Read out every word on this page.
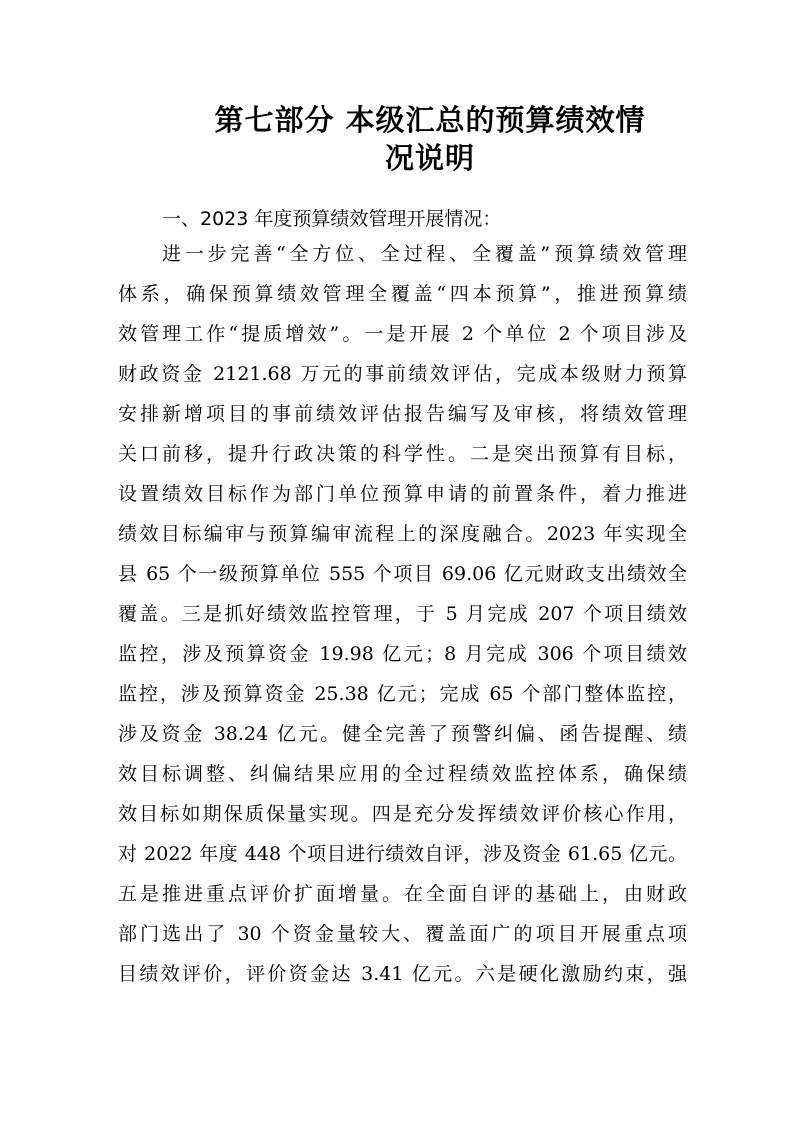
第七部分 本级汇总的预算绩效情
况说明
一、2023 年度预算绩效管理开展情况：
进一步完善“全方位、全过程、全覆盖”预算绩效管理
体系，确保预算绩效管理全覆盖“四本预算”，推进预算绩
效管理工作“提质增效”。一是开展 2 个单位 2 个项目涉及
财政资金 2121.68 万元的事前绩效评估，完成本级财力预算
安排新增项目的事前绩效评估报告编写及审核，将绩效管理
关口前移，提升行政决策的科学性。二是突出预算有目标，
设置绩效目标作为部门单位预算申请的前置条件，着力推进
绩效目标编审与预算编审流程上的深度融合。2023 年实现全
县 65 个一级预算单位 555 个项目 69.06 亿元财政支出绩效全
覆盖。三是抓好绩效监控管理，于 5 月完成 207 个项目绩效
监控，涉及预算资金 19.98 亿元；8 月完成 306 个项目绩效
监控，涉及预算资金 25.38 亿元；完成 65 个部门整体监控，
涉及资金 38.24 亿元。健全完善了预警纠偏、函告提醒、绩
效目标调整、纠偏结果应用的全过程绩效监控体系，确保绩
效目标如期保质保量实现。四是充分发挥绩效评价核心作用，
对 2022 年度 448 个项目进行绩效自评，涉及资金 61.65 亿元。
五是推进重点评价扩面增量。在全面自评的基础上，由财政
部门选出了 30 个资金量较大、覆盖面广的项目开展重点项
目绩效评价，评价资金达 3.41 亿元。六是硬化激励约束，强
